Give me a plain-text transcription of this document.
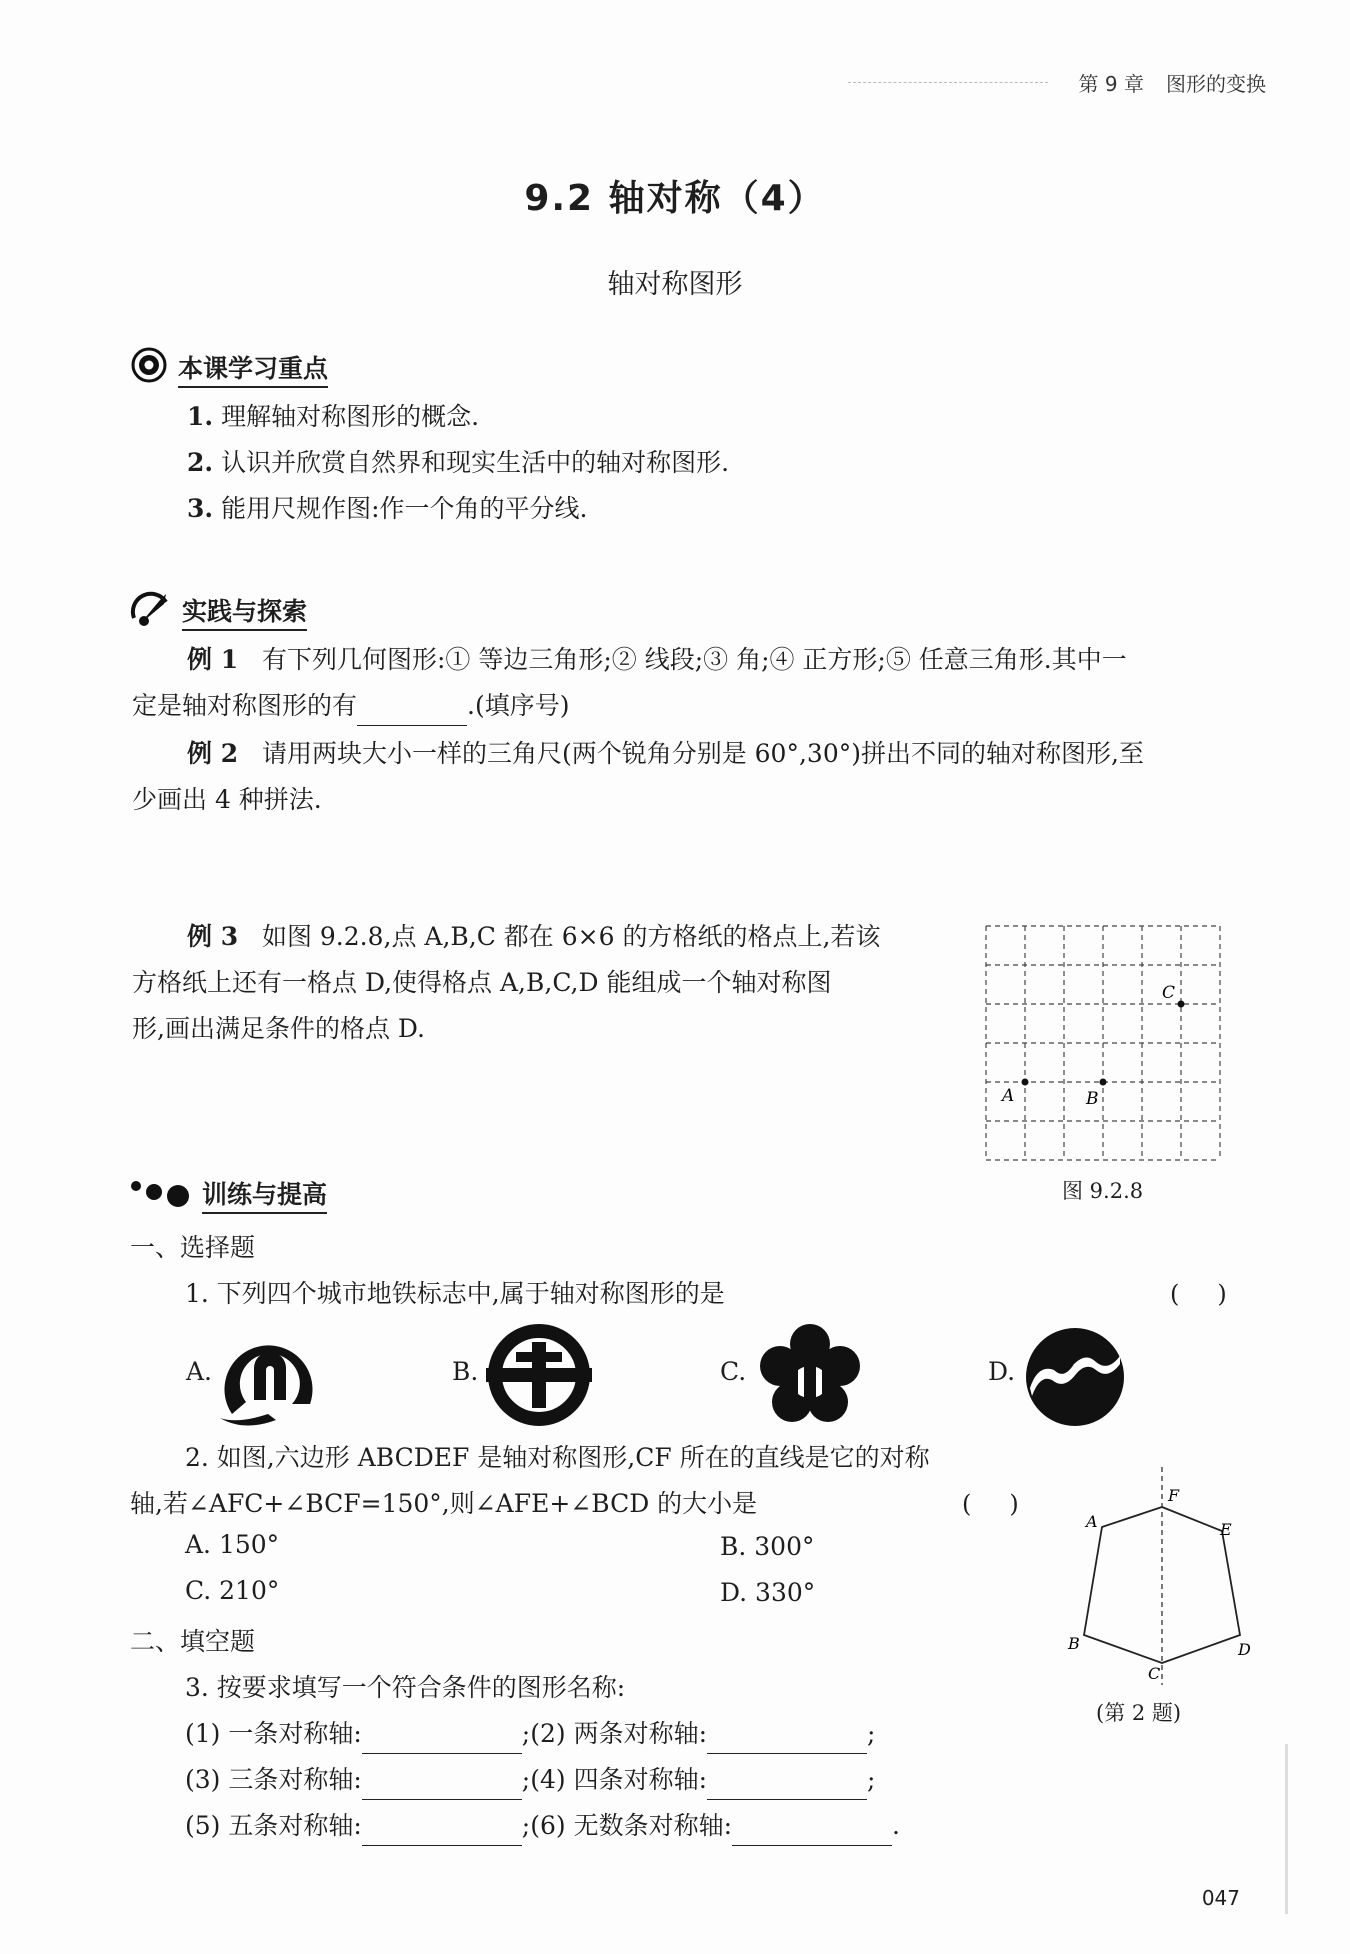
第 9 章 图形的变换
9.2 轴对称（4）
轴对称图形
本课学习重点
1. 理解轴对称图形的概念.
2. 认识并欣赏自然界和现实生活中的轴对称图形.
3. 能用尺规作图:作一个角的平分线.
实践与探索
例 1 有下列几何图形:① 等边三角形;② 线段;③ 角;④ 正方形;⑤ 任意三角形.其中一
定是轴对称图形的有	.(填序号)
例 2 请用两块大小一样的三角尺(两个锐角分别是 60°,30°)拼出不同的轴对称图形,至
少画出 4 种拼法.
例 3 如图 9.2.8,点 A,B,C 都在 6×6 的方格纸的格点上,若该
方格纸上还有一格点 D,使得格点 A,B,C,D 能组成一个轴对称图
形,画出满足条件的格点 D.
A	B
C
图 9.2.8
训练与提高
一、选择题
1. 下列四个城市地铁标志中,属于轴对称图形的是	()
A.	B.	C.	D.
2. 如图,六边形 ABCDEF 是轴对称图形,CF 所在的直线是它的对称
轴,若∠AFC+∠BCF=150°,则∠AFE+∠BCD 的大小是	()
A. 150°	B. 300°
C. 210°	D. 330°
A
F
E
B	D
C
(第 2 题)
二、填空题
3. 按要求填写一个符合条件的图形名称:
(1) 一条对称轴:	;(2) 两条对称轴:	;
(3) 三条对称轴:	;(4) 四条对称轴:	;
(5) 五条对称轴:	;(6) 无数条对称轴:	.
047
